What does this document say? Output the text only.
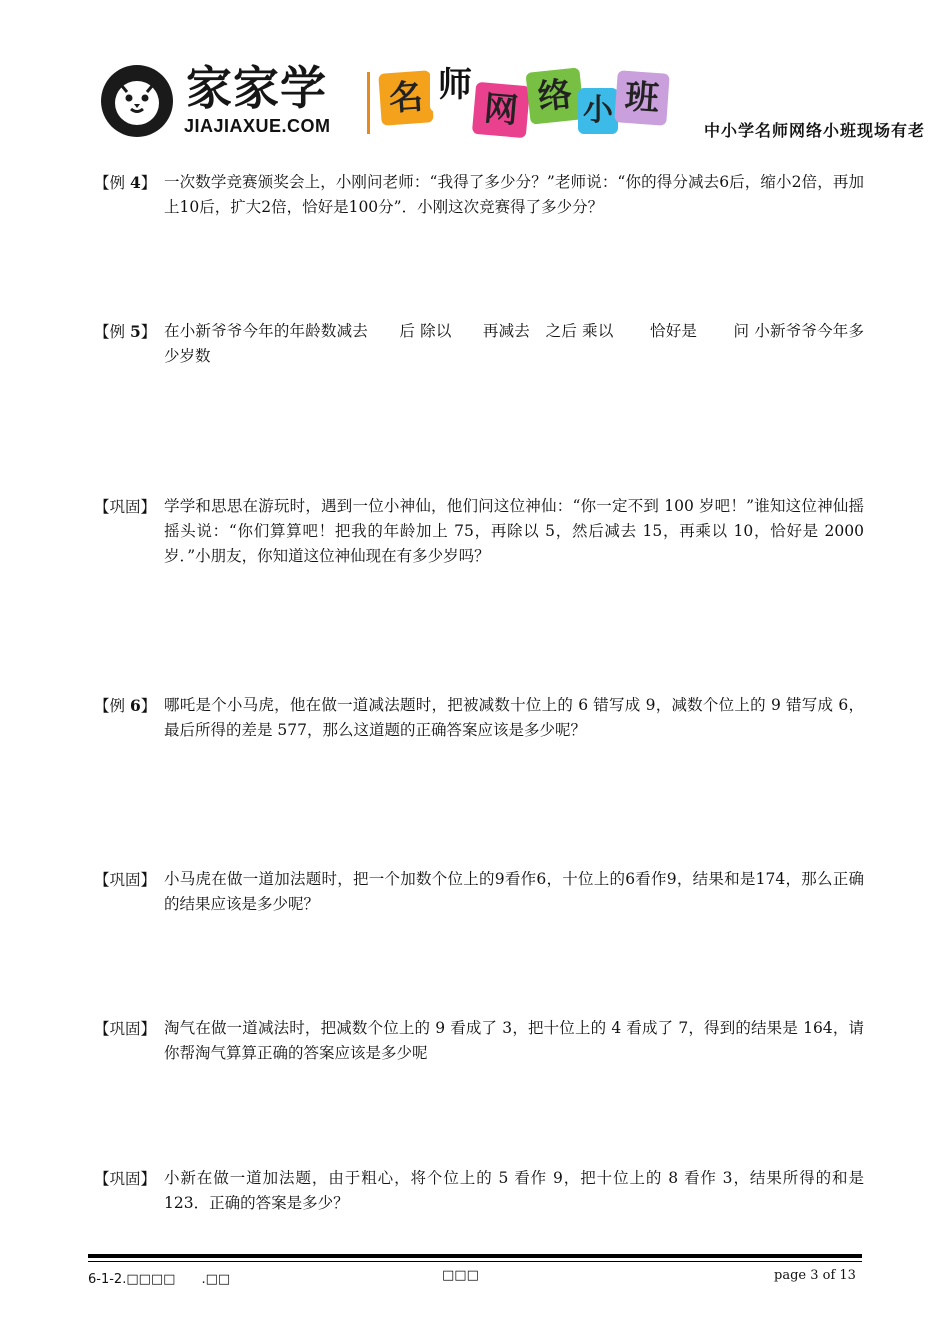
家家学
JIAJIAXUE.COM
名 师
网 络 小 班
中小学名师网络小班现场有老
【例 4】 一次数学竞赛颁奖会上，小刚问老师：“我得了多少分？”老师说：“你的得分减去6后，缩小2倍，再加上10后，扩大2倍，恰好是100分”．小刚这次竞赛得了多少分？
【例 5】 在小新爷爷今年的年龄数减去　　后 除以　　再减去　之后 乘以　　 恰好是　　 问 小新爷爷今年多少岁数
【巩固】 学学和思思在游玩时，遇到一位小神仙，他们问这位神仙：“你一定不到 100 岁吧！”谁知这位神仙摇摇头说：“你们算算吧！把我的年龄加上 75，再除以 5，然后减去 15，再乘以 10，恰好是 2000 岁．”小朋友，你知道这位神仙现在有多少岁吗？
【例 6】 哪吒是个小马虎，他在做一道减法题时，把被减数十位上的 6 错写成 9，减数个位上的 9 错写成 6，最后所得的差是 577，那么这道题的正确答案应该是多少呢？
【巩固】 小马虎在做一道加法题时，把一个加数个位上的9看作6，十位上的6看作9，结果和是174，那么正确的结果应该是多少呢？
【巩固】 淘气在做一道减法时，把减数个位上的 9 看成了 3，把十位上的 4 看成了 7，得到的结果是 164，请你帮淘气算算正确的答案应该是多少呢
【巩固】 小新在做一道加法题，由于粗心，将个位上的 5 看作 9，把十位上的 8 看作 3，结果所得的和是 123．正确的答案是多少？
6-1-2.□□□□　　.□□	□□□	page 3 of 13
